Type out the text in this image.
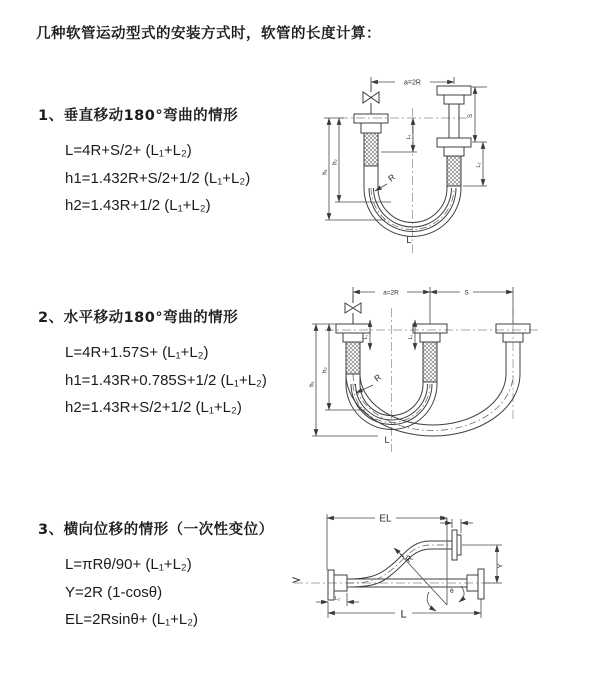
几种软管运动型式的安装方式时，软管的长度计算：
1、垂直移动180°弯曲的情形
L=4R+S/2+ (L₁+L₂)
h1=1.432R+S/2+1/2 (L₁+L₂)
h2=1.43R+1/2 (L₁+L₂)
a=2R
h₁
h₂
L₁
S
L₂
R
L
2、水平移动180°弯曲的情形
L=4R+1.57S+ (L₁+L₂)
h1=1.43R+0.785S+1/2 (L₁+L₂)
h2=1.43R+S/2+1/2 (L₁+L₂)
a=2R	S
h₁
h₂
L₁	L₂
R
L
3、横向位移的情形（一次性变位）
L=πRθ/90+ (L₁+L₂)
Y=2R (1-cosθ)
EL=2Rsinθ+ (L₁+L₂)
EL	L₁
Y
θ
R
L
L₂
